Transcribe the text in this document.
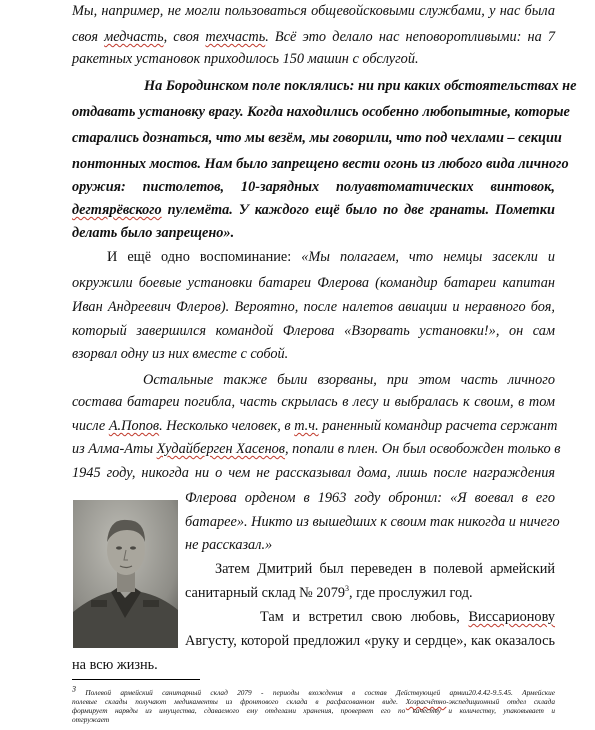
Мы, например, не могли пользоваться общевойсковыми службами, у нас была
своя медчасть, своя техчасть. Всё это делало нас неповоротливыми: на 7
ракетных установок приходилось 150 машин с обслугой.
На Бородинском поле поклялись: ни при каких обстоятельствах не
отдавать установку врагу. Когда находились особенно любопытные, которые
старались дознаться, что мы везём, мы говорили, что под чехлами – секции
понтонных мостов. Нам было запрещено вести огонь из любого вида личного
оружия: пистолетов, 10-зарядных полуавтоматических винтовок,
дегтярёвского пулемёта. У каждого ещё было по две гранаты. Пометки
делать было запрещено».
И ещё одно воспоминание: «Мы полагаем, что немцы засекли и
окружили боевые установки батареи Флерова (командир батареи капитан
Иван Андреевич Флеров). Вероятно, после налетов авиации и неравного боя,
который завершился командой Флерова «Взорвать установки!», он сам
взорвал одну из них вместе с собой.
Остальные также были взорваны, при этом часть личного
состава батареи погибла, часть скрылась в лесу и выбралась к своим, в том
числе А.Попов. Несколько человек, в т.ч. раненный командир расчета сержант
из Алма-Аты Худайберген Хасенов, попали в плен. Он был освобожден только в
1945 году, никогда ни о чем не рассказывал дома, лишь после награждения
Флерова орденом в 1963 году обронил: «Я воевал в его
батарее». Никто из вышедших к своим так никогда и ничего
не рассказал.»
Затем Дмитрий был переведен в полевой армейский
санитарный склад № 2079$^3$, где прослужил год.
Там и встретил свою любовь, Виссарионову
Августу, которой предложил «руку и сердце», как оказалось
на всю жизнь.
$^3$ Полевой армейский санитарный склад 2079 - периоды вхождения в состав Действующей армии20.4.42-9.5.45. Армейские
полевые склады получают медикаменты из фронтового склада в расфасованном виде. Хозрасчётно-экспедиционный отдел склада
формирует наряды из имущества, сдаваемого ему отделами хранения, проверяет его по качеству и количеству, упаковывает и
отгружает
